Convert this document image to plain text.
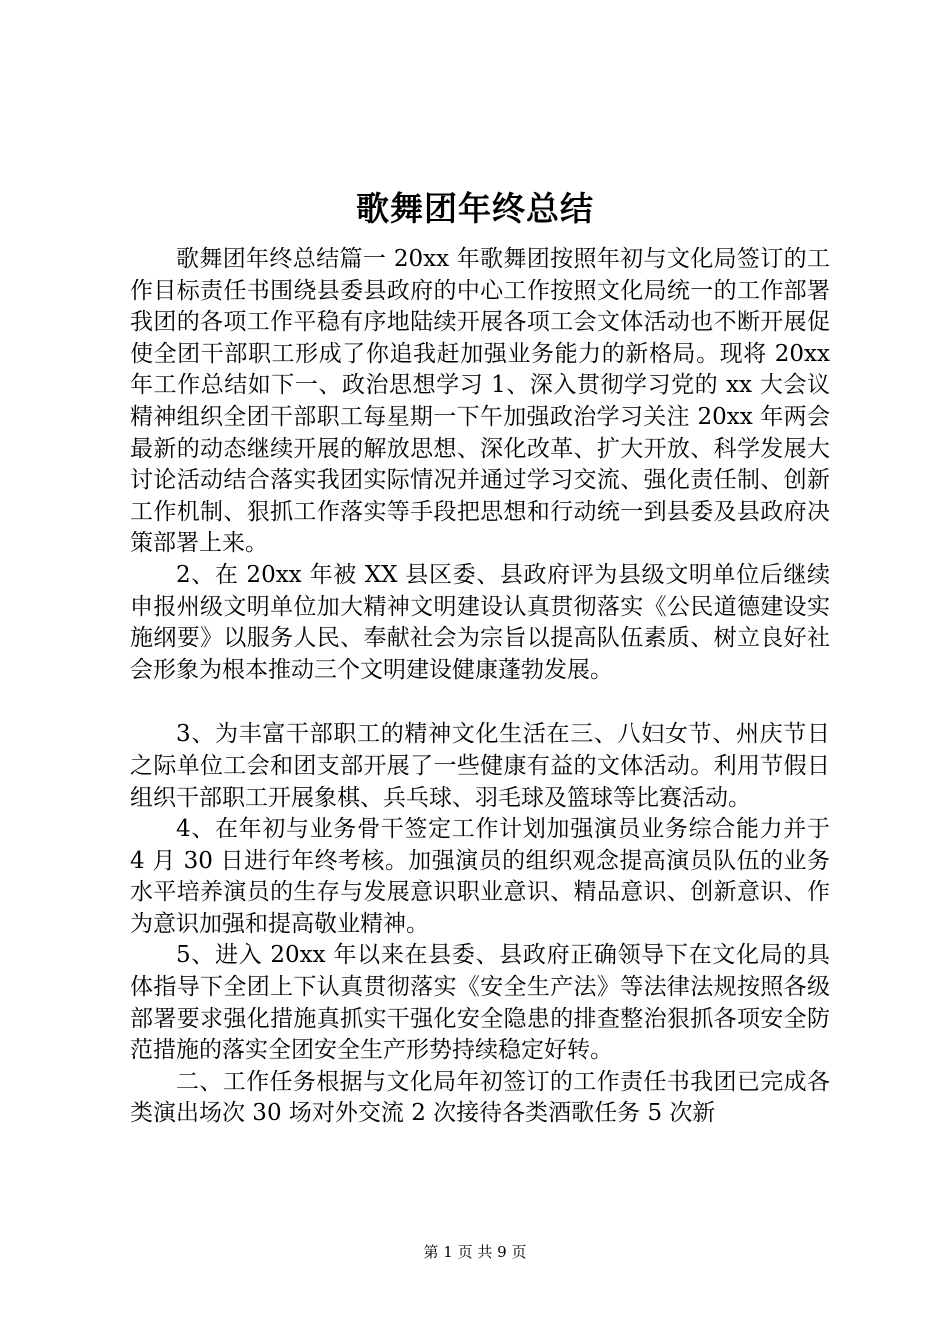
歌舞团年终总结

歌舞团年终总结篇一 20xx 年歌舞团按照年初与文化局签订的工作目标责任书围绕县委县政府的中心工作按照文化局统一的工作部署我团的各项工作平稳有序地陆续开展各项工会文体活动也不断开展促使全团干部职工形成了你追我赶加强业务能力的新格局。现将 20xx 年工作总结如下一、政治思想学习 1、深入贯彻学习党的 xx 大会议精神组织全团干部职工每星期一下午加强政治学习关注 20xx 年两会最新的动态继续开展的解放思想、深化改革、扩大开放、科学发展大讨论活动结合落实我团实际情况并通过学习交流、强化责任制、创新工作机制、狠抓工作落实等手段把思想和行动统一到县委及县政府决策部署上来。

2、在 20xx 年被 XX 县区委、县政府评为县级文明单位后继续申报州级文明单位加大精神文明建设认真贯彻落实《公民道德建设实施纲要》以服务人民、奉献社会为宗旨以提高队伍素质、树立良好社会形象为根本推动三个文明建设健康蓬勃发展。

3、为丰富干部职工的精神文化生活在三、八妇女节、州庆节日之际单位工会和团支部开展了一些健康有益的文体活动。利用节假日组织干部职工开展象棋、兵乓球、羽毛球及篮球等比赛活动。

4、在年初与业务骨干签定工作计划加强演员业务综合能力并于 4 月 30 日进行年终考核。加强演员的组织观念提高演员队伍的业务水平培养演员的生存与发展意识职业意识、精品意识、创新意识、作为意识加强和提高敬业精神。

5、进入 20xx 年以来在县委、县政府正确领导下在文化局的具体指导下全团上下认真贯彻落实《安全生产法》等法律法规按照各级部署要求强化措施真抓实干强化安全隐患的排查整治狠抓各项安全防范措施的落实全团安全生产形势持续稳定好转。

二、工作任务根据与文化局年初签订的工作责任书我团已完成各类演出场次 30 场对外交流 2 次接待各类酒歌任务 5 次新

第 1 页 共 9 页
